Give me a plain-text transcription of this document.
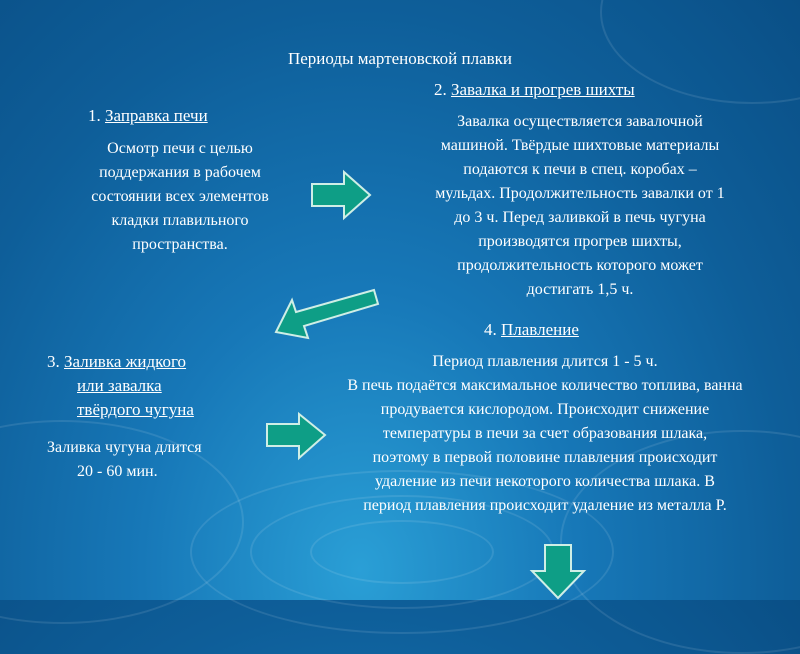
Периоды мартеновской плавки
1. Заправка печи
Осмотр печи с целью
поддержания в рабочем
состоянии всех элементов
кладки плавильного
пространства.
2. Завалка и прогрев шихты
Завалка осуществляется завалочной
машиной. Твёрдые шихтовые материалы
подаются к печи в спец. коробах –
мульдах. Продолжительность завалки от 1
до 3 ч. Перед заливкой в печь чугуна
производятся прогрев шихты,
продолжительность которого может
достигать 1,5 ч.
3. Заливка жидкого
или завалка
твёрдого чугуна
Заливка чугуна длится
20 - 60 мин.
4. Плавление
Период плавления длится 1 - 5 ч.
В печь подаётся максимальное количество топлива, ванна
продувается кислородом. Происходит снижение
температуры в печи за счет образования шлака,
поэтому в первой половине плавления происходит
удаление из печи некоторого количества шлака. В
период плавления происходит удаление из металла P.
